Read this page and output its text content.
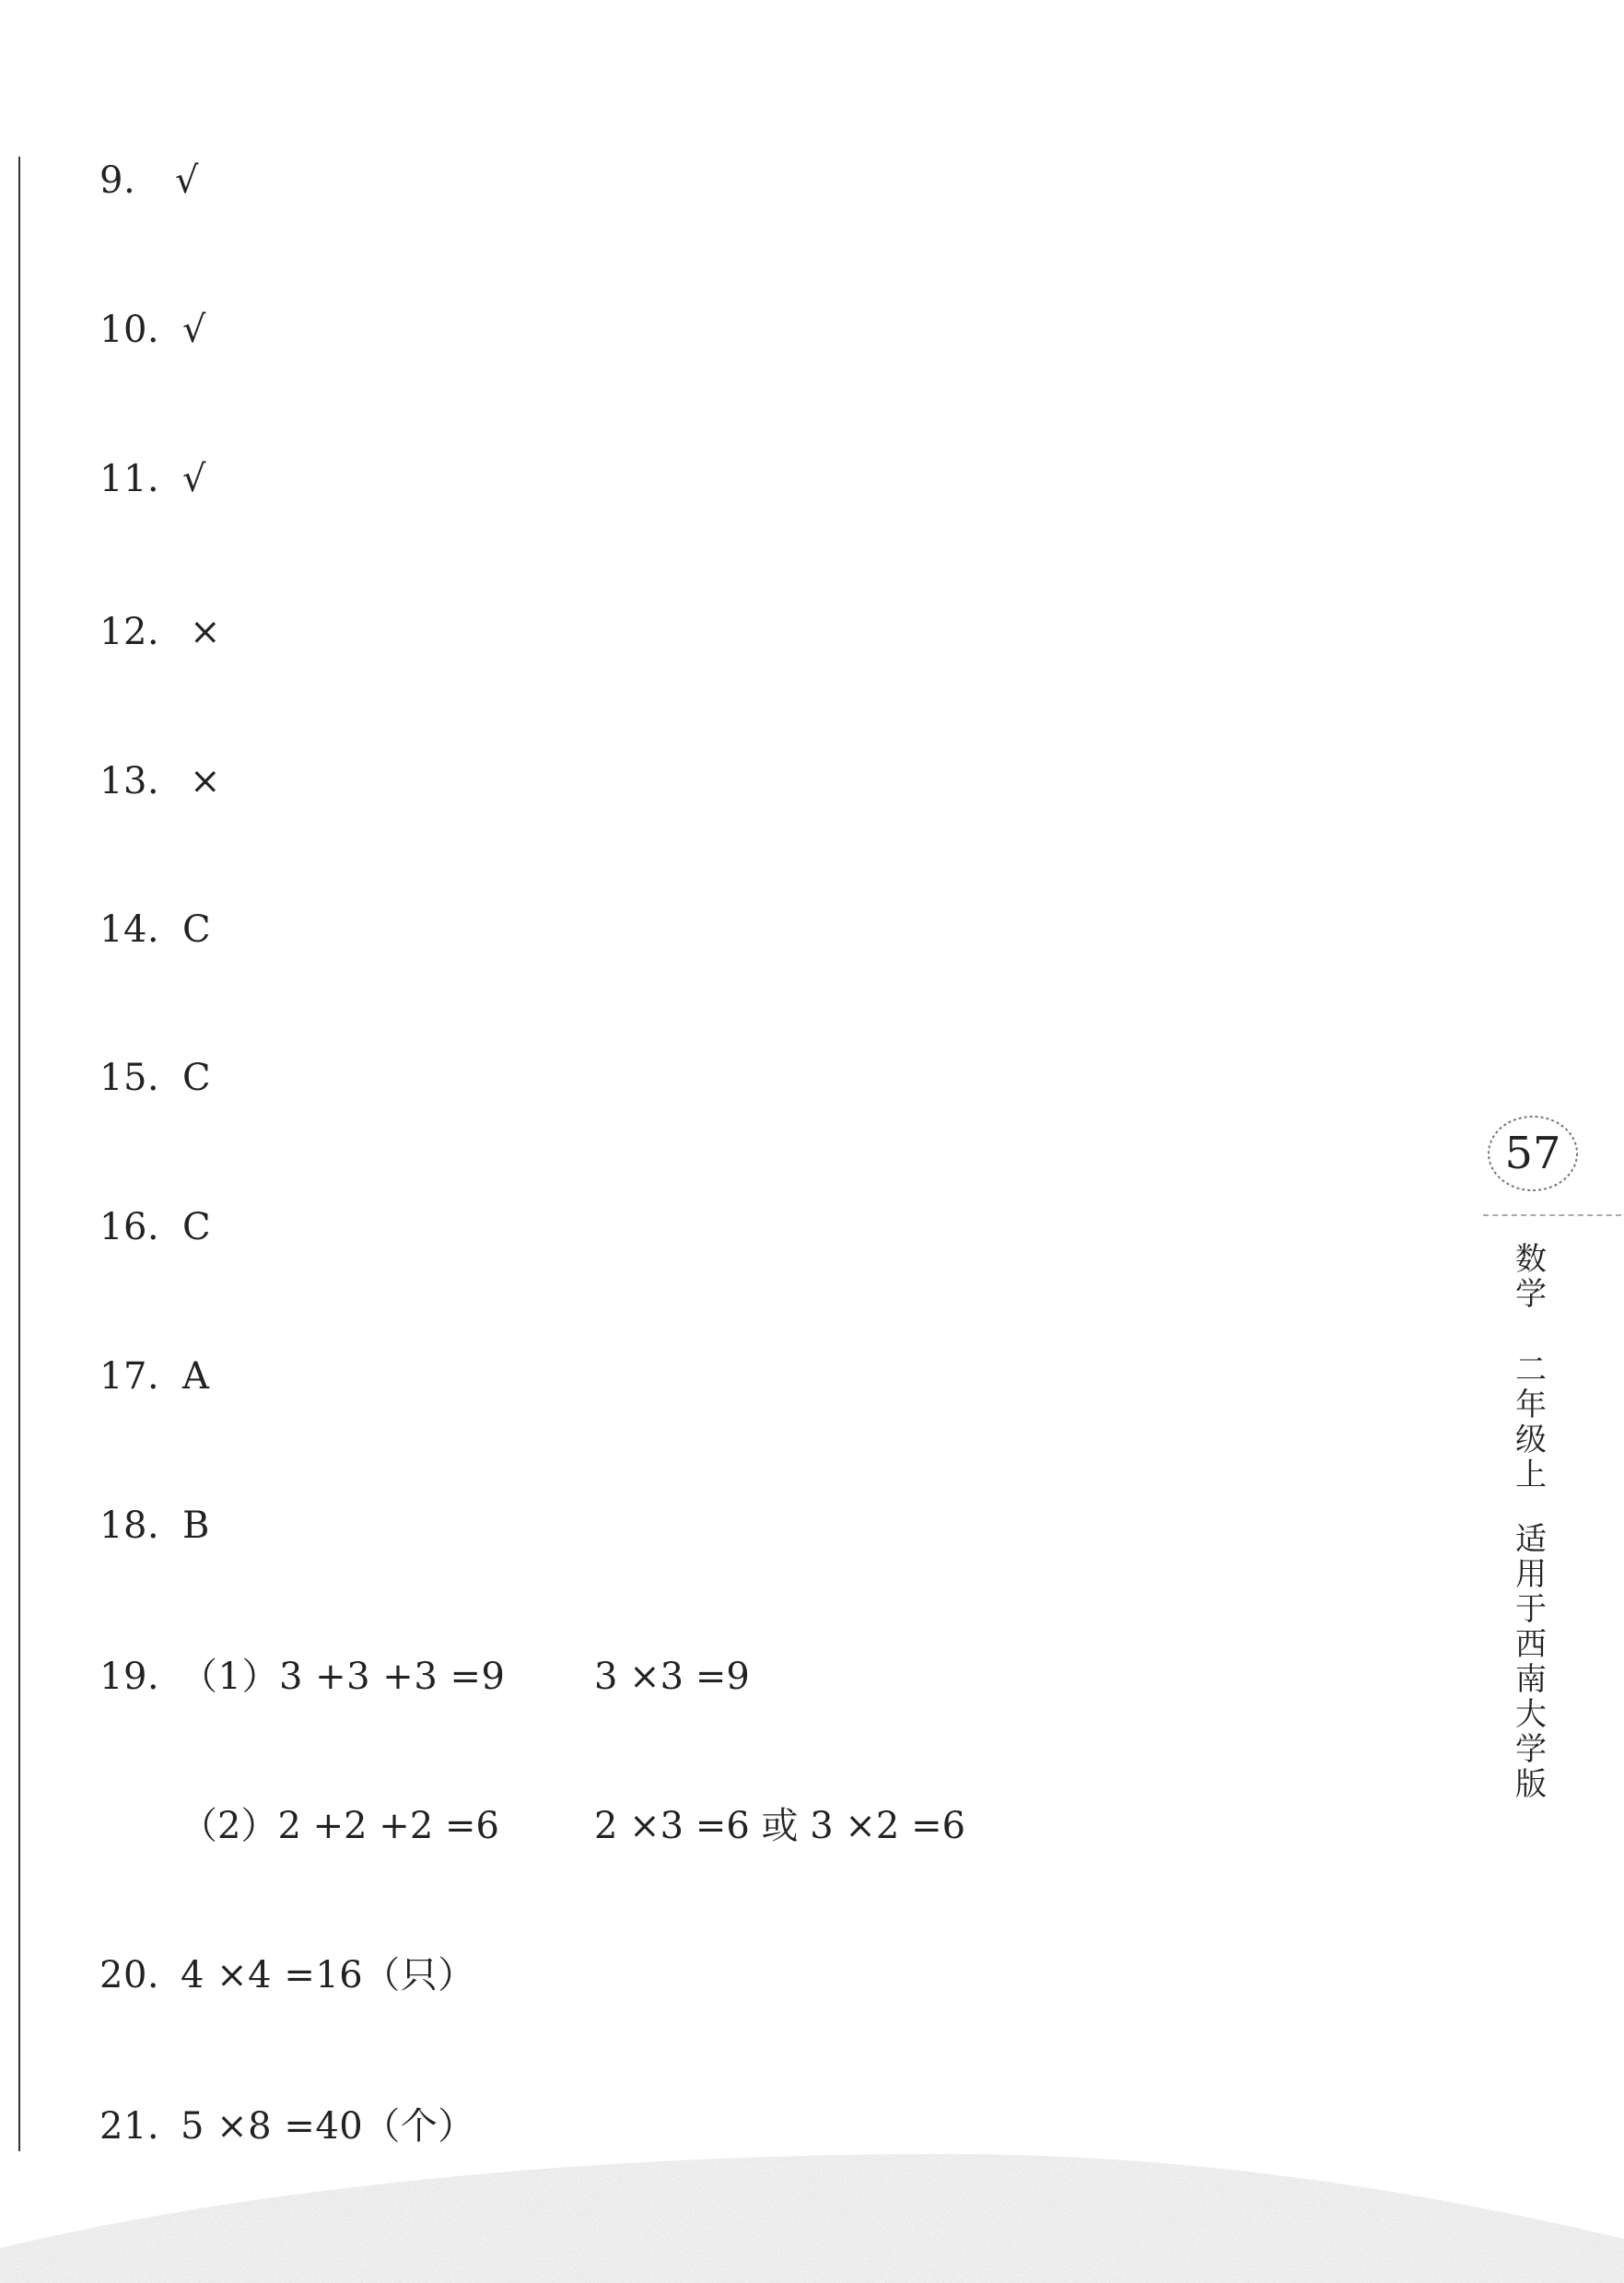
9. √
10. √
11. √
12. ×
13. ×
14. C
15. C
16. C
17. A
18. B
19. （1）3 +3 +3 =9 3 ×3 =9
（2）2 +2 +2 =6	2 ×3 =6 或 3 ×2 =6
20. 4 ×4 =16（只）
21. 5 ×8 =40（个）
57
数
学
二
年
级
上
适
用
于
西
南
大
学
版
